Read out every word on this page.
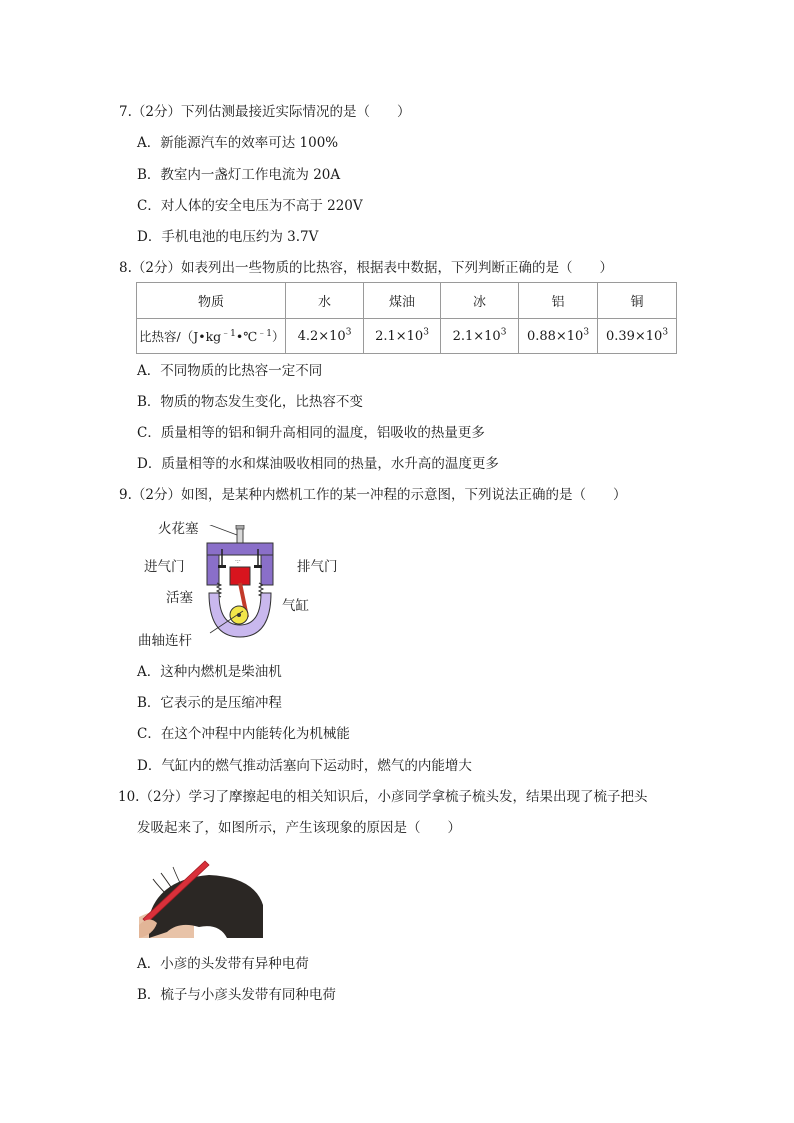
7.（2分）下列估测最接近实际情况的是（　　）
A．新能源汽车的效率可达 100%
B．教室内一盏灯工作电流为 20A
C．对人体的安全电压为不高于 220V
D．手机电池的电压约为 3.7V
8.（2分）如表列出一些物质的比热容，根据表中数据，下列判断正确的是（　　）
物质	水	煤油	冰	铝	铜
比热容$/(J•kg^{﹣1}•℃^{﹣1})$	$4.2\times 10^3$	$2.1\times 10^3$	$2.1\times 10^3$	$0.88\times 10^3$	$0.39\times 10^3$
A．不同物质的比热容一定不同
B．物质的物态发生变化，比热容不变
C．质量相等的铝和铜升高相同的温度，铝吸收的热量更多
D．质量相等的水和煤油吸收相同的热量，水升高的温度更多
9.（2分）如图，是某种内燃机工作的某一冲程的示意图，下列说法正确的是（　　）
火花塞
进气门	排气门
活塞	气缸
曲轴连杆
·:·
A．这种内燃机是柴油机
B．它表示的是压缩冲程
C．在这个冲程中内能转化为机械能
D．气缸内的燃气推动活塞向下运动时，燃气的内能增大
10.（2分）学习了摩擦起电的相关知识后，小彦同学拿梳子梳头发，结果出现了梳子把头
发吸起来了，如图所示，产生该现象的原因是（　　）
A．小彦的头发带有异种电荷
B．梳子与小彦头发带有同种电荷
